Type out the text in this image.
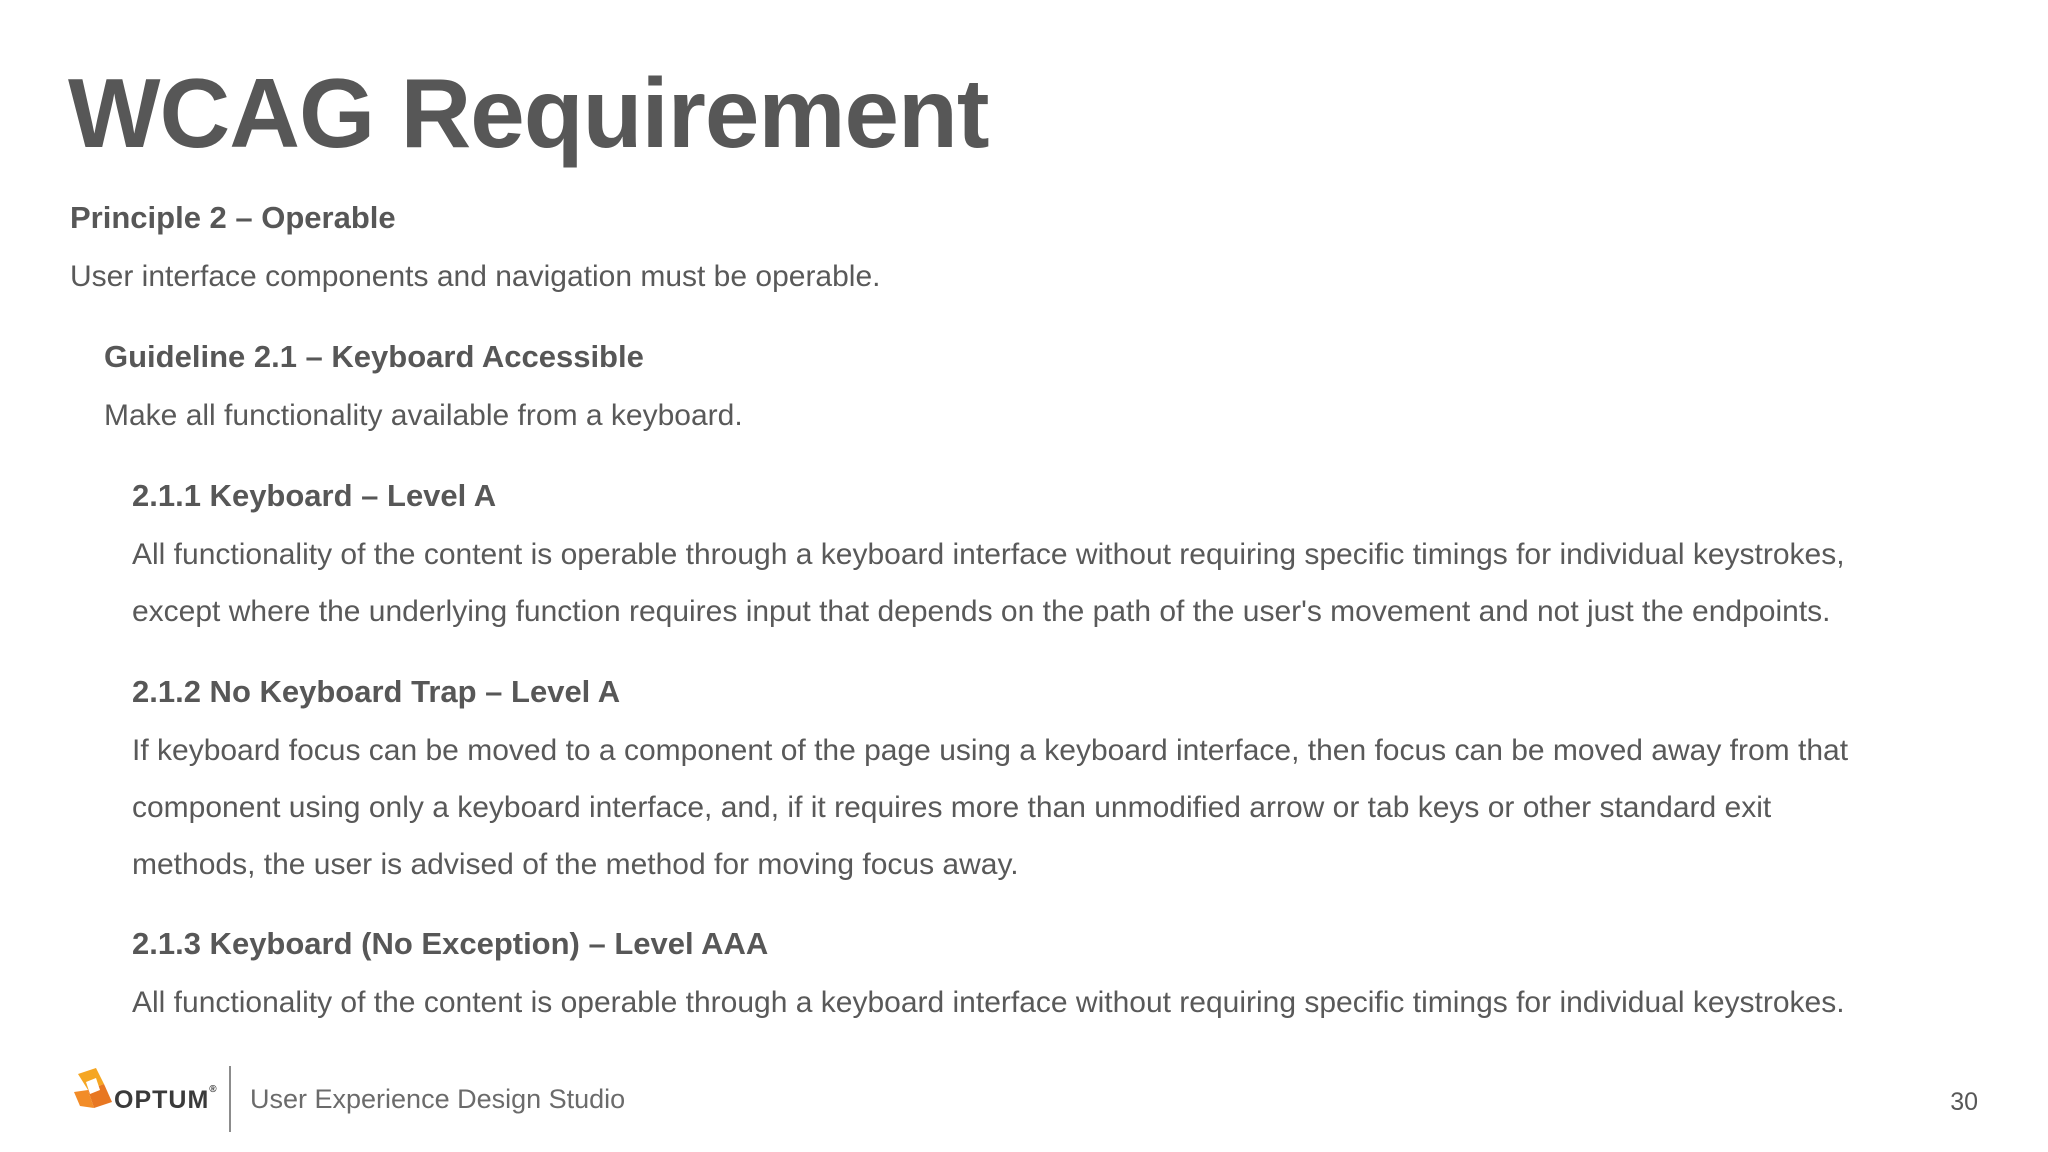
WCAG Requirement
Principle 2 – Operable
User interface components and navigation must be operable.
Guideline 2.1 – Keyboard Accessible
Make all functionality available from a keyboard.
2.1.1 Keyboard – Level A
All functionality of the content is operable through a keyboard interface without requiring specific timings for individual keystrokes,
except where the underlying function requires input that depends on the path of the user's movement and not just the endpoints.
2.1.2 No Keyboard Trap – Level A
If keyboard focus can be moved to a component of the page using a keyboard interface, then focus can be moved away from that
component using only a keyboard interface, and, if it requires more than unmodified arrow or tab keys or other standard exit
methods, the user is advised of the method for moving focus away.
2.1.3 Keyboard (No Exception) – Level AAA
All functionality of the content is operable through a keyboard interface without requiring specific timings for individual keystrokes.
OPTUM® User Experience Design Studio	30
